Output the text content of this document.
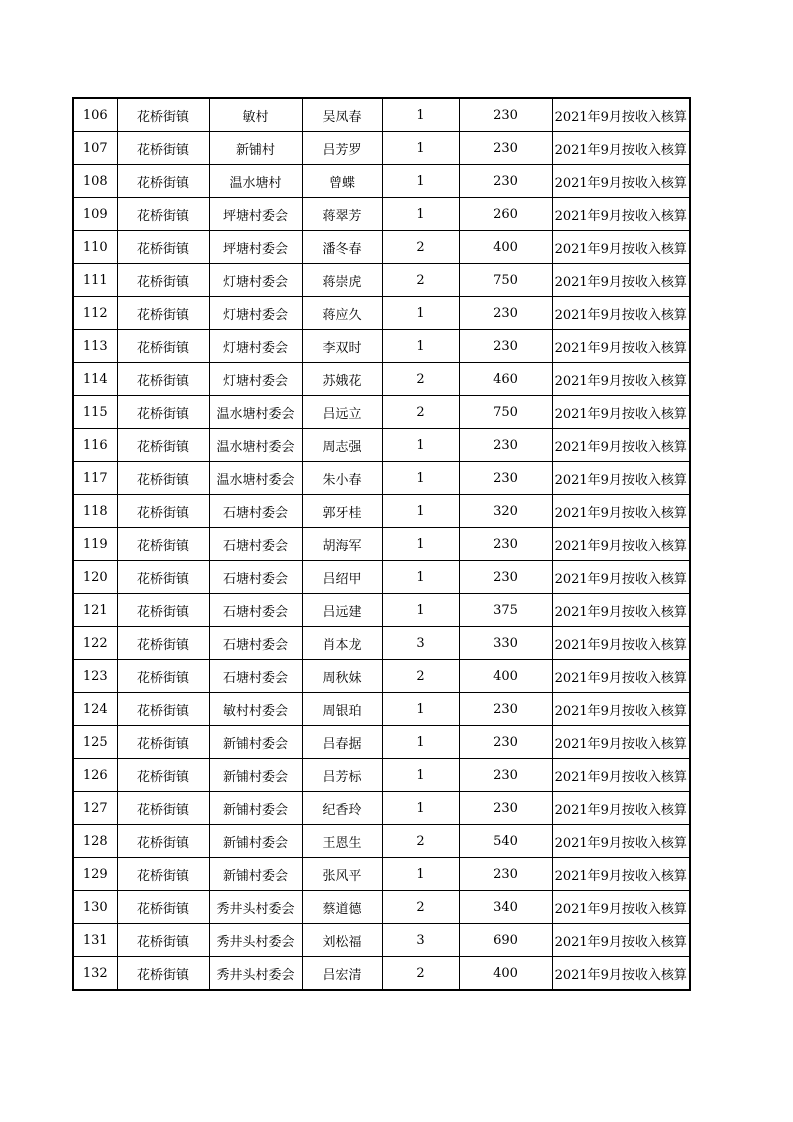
106	花桥街镇	敏村	吴凤春	1	230	2021年9月按收入核算
107	花桥街镇	新铺村	吕芳罗	1	230	2021年9月按收入核算
108	花桥街镇	温水塘村	曾蝶	1	230	2021年9月按收入核算
109	花桥街镇	坪塘村委会	蒋翠芳	1	260	2021年9月按收入核算
110	花桥街镇	坪塘村委会	潘冬春	2	400	2021年9月按收入核算
111	花桥街镇	灯塘村委会	蒋崇虎	2	750	2021年9月按收入核算
112	花桥街镇	灯塘村委会	蒋应久	1	230	2021年9月按收入核算
113	花桥街镇	灯塘村委会	李双时	1	230	2021年9月按收入核算
114	花桥街镇	灯塘村委会	苏娥花	2	460	2021年9月按收入核算
115	花桥街镇	温水塘村委会	吕远立	2	750	2021年9月按收入核算
116	花桥街镇	温水塘村委会	周志强	1	230	2021年9月按收入核算
117	花桥街镇	温水塘村委会	朱小春	1	230	2021年9月按收入核算
118	花桥街镇	石塘村委会	郭牙桂	1	320	2021年9月按收入核算
119	花桥街镇	石塘村委会	胡海军	1	230	2021年9月按收入核算
120	花桥街镇	石塘村委会	吕绍甲	1	230	2021年9月按收入核算
121	花桥街镇	石塘村委会	吕远建	1	375	2021年9月按收入核算
122	花桥街镇	石塘村委会	肖本龙	3	330	2021年9月按收入核算
123	花桥街镇	石塘村委会	周秋妹	2	400	2021年9月按收入核算
124	花桥街镇	敏村村委会	周银珀	1	230	2021年9月按收入核算
125	花桥街镇	新铺村委会	吕春据	1	230	2021年9月按收入核算
126	花桥街镇	新铺村委会	吕芳标	1	230	2021年9月按收入核算
127	花桥街镇	新铺村委会	纪香玲	1	230	2021年9月按收入核算
128	花桥街镇	新铺村委会	王恩生	2	540	2021年9月按收入核算
129	花桥街镇	新铺村委会	张风平	1	230	2021年9月按收入核算
130	花桥街镇	秀井头村委会	蔡道德	2	340	2021年9月按收入核算
131	花桥街镇	秀井头村委会	刘松福	3	690	2021年9月按收入核算
132	花桥街镇	秀井头村委会	吕宏清	2	400	2021年9月按收入核算
